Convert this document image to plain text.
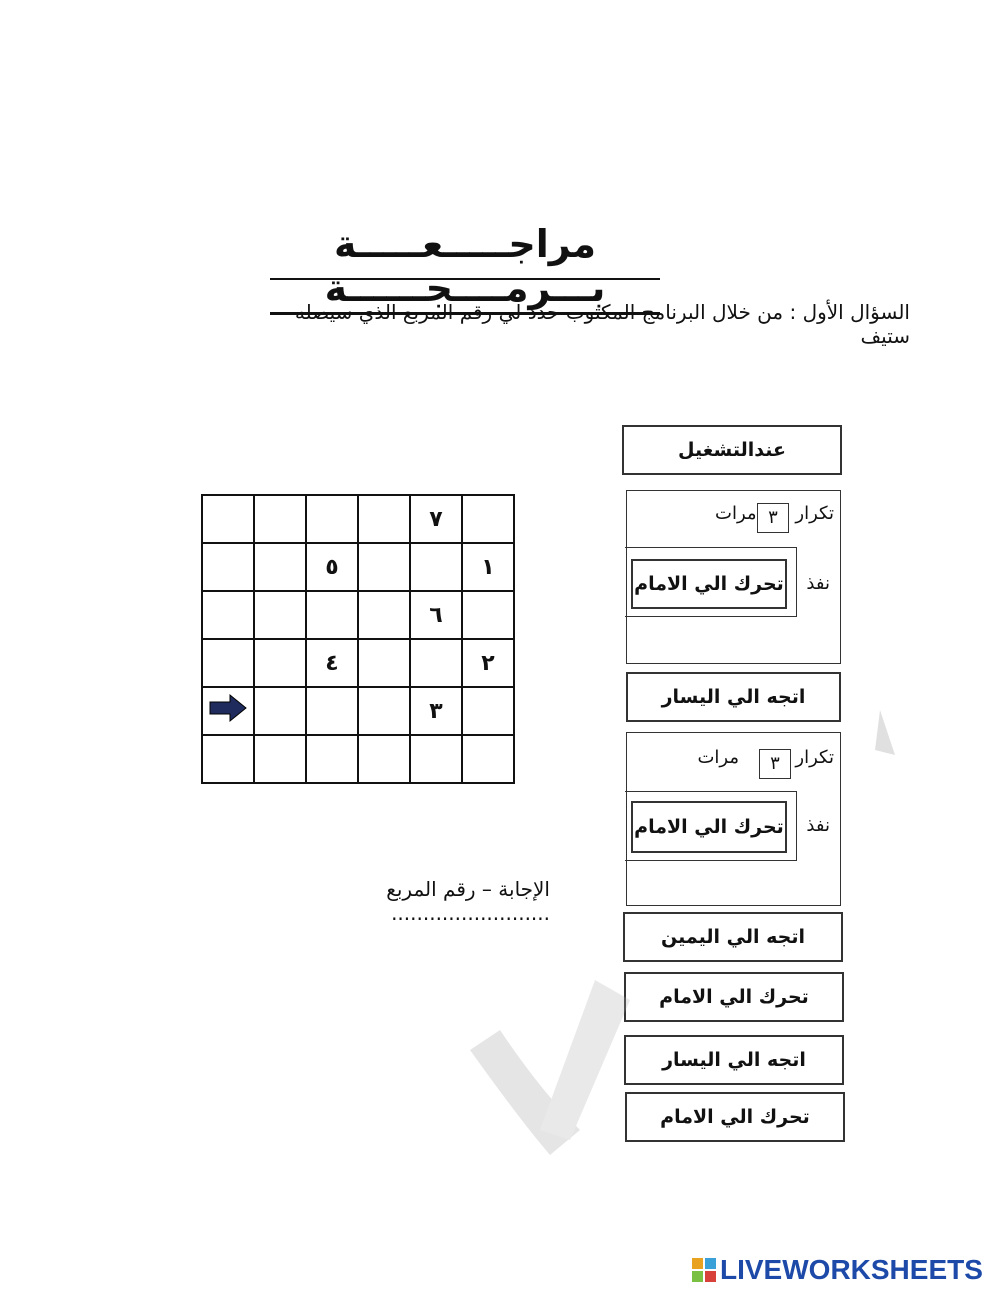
مراجـــــعـــــة بـــرمــــجــــــة
السؤال الأول : من خلال البرنامج المكتوب حدد لي رقم المربع الذي سيصله ستيف
				٧	
		٥			١
				٦	
		٤			٢
				٣	

عندالتشغيل
تكرار
٣
مرات
نفذ
تحرك الي الامام
اتجه الي اليسار
تكرار
٣
مرات
نفذ
تحرك الي الامام
اتجه الي اليمين
تحرك الي الامام
اتجه الي اليسار
تحرك الي الامام
الإجابة – رقم المربع .........................
LIVEWORKSHEETS
